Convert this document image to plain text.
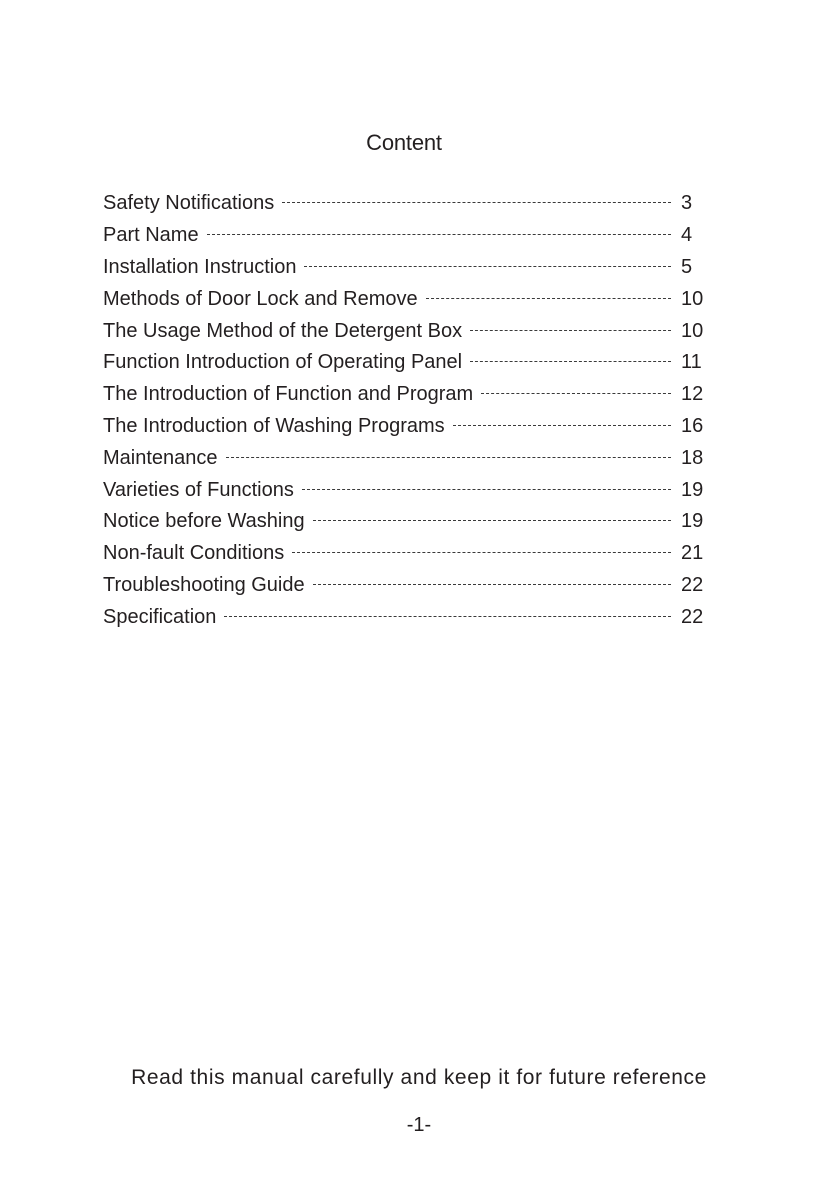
Content
Safety Notifications	3
Part Name	4
Installation Instruction	5
Methods of Door Lock and Remove	10
The Usage Method of the Detergent Box	10
Function Introduction of Operating Panel	11
The Introduction of Function and Program	12
The Introduction of Washing Programs	16
Maintenance	18
Varieties of Functions	19
Notice before Washing	19
Non-fault Conditions	21
Troubleshooting Guide	22
Specification	22
Read this manual carefully and keep it for future reference
-1-
